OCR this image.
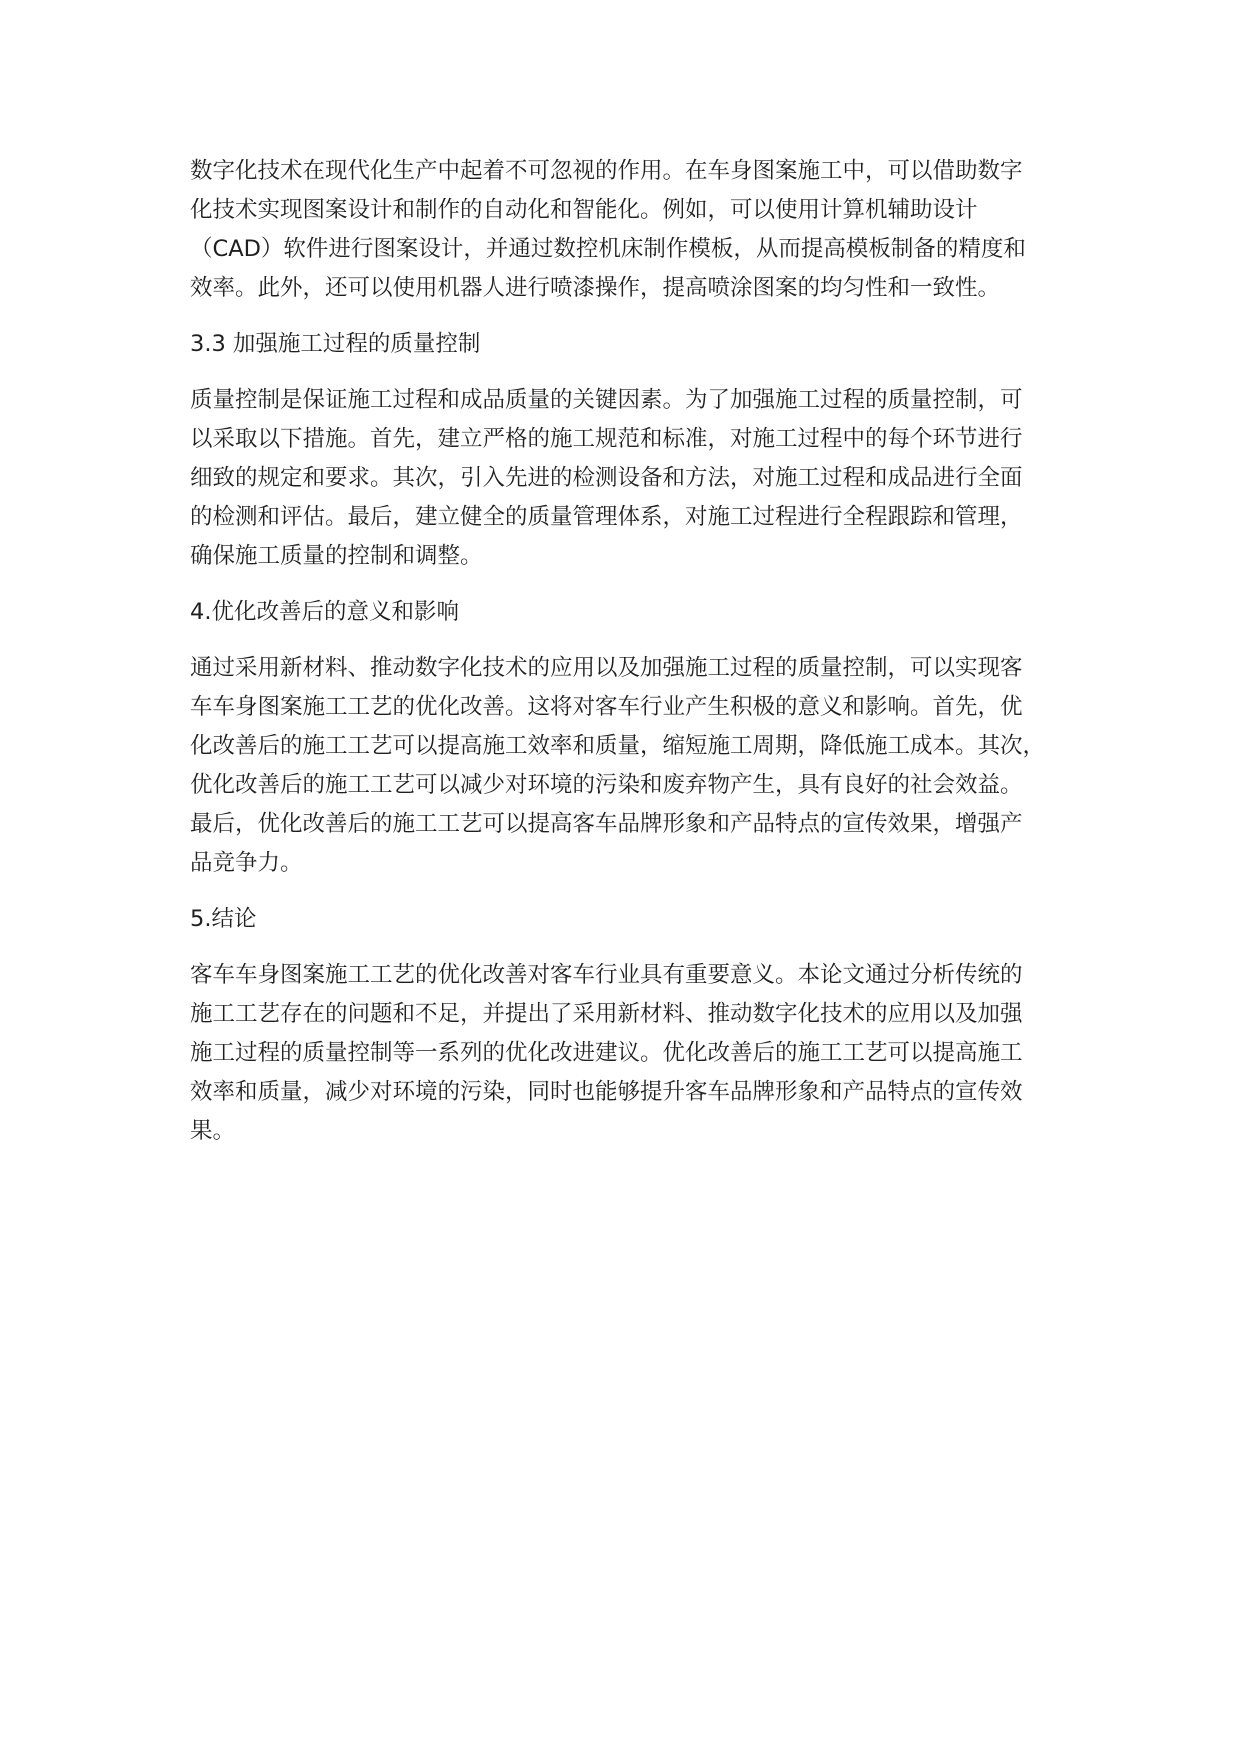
数字化技术在现代化生产中起着不可忽视的作用。在车身图案施工中，可以借助数字
化技术实现图案设计和制作的自动化和智能化。例如，可以使用计算机辅助设计
（CAD）软件进行图案设计，并通过数控机床制作模板，从而提高模板制备的精度和
效率。此外，还可以使用机器人进行喷漆操作，提高喷涂图案的均匀性和一致性。

3.3 加强施工过程的质量控制

质量控制是保证施工过程和成品质量的关键因素。为了加强施工过程的质量控制，可
以采取以下措施。首先，建立严格的施工规范和标准，对施工过程中的每个环节进行
细致的规定和要求。其次，引入先进的检测设备和方法，对施工过程和成品进行全面
的检测和评估。最后，建立健全的质量管理体系，对施工过程进行全程跟踪和管理，
确保施工质量的控制和调整。

4.优化改善后的意义和影响

通过采用新材料、推动数字化技术的应用以及加强施工过程的质量控制，可以实现客
车车身图案施工工艺的优化改善。这将对客车行业产生积极的意义和影响。首先，优
化改善后的施工工艺可以提高施工效率和质量，缩短施工周期，降低施工成本。其次，
优化改善后的施工工艺可以减少对环境的污染和废弃物产生，具有良好的社会效益。
最后，优化改善后的施工工艺可以提高客车品牌形象和产品特点的宣传效果，增强产
品竞争力。

5.结论

客车车身图案施工工艺的优化改善对客车行业具有重要意义。本论文通过分析传统的
施工工艺存在的问题和不足，并提出了采用新材料、推动数字化技术的应用以及加强
施工过程的质量控制等一系列的优化改进建议。优化改善后的施工工艺可以提高施工
效率和质量，减少对环境的污染，同时也能够提升客车品牌形象和产品特点的宣传效
果。
